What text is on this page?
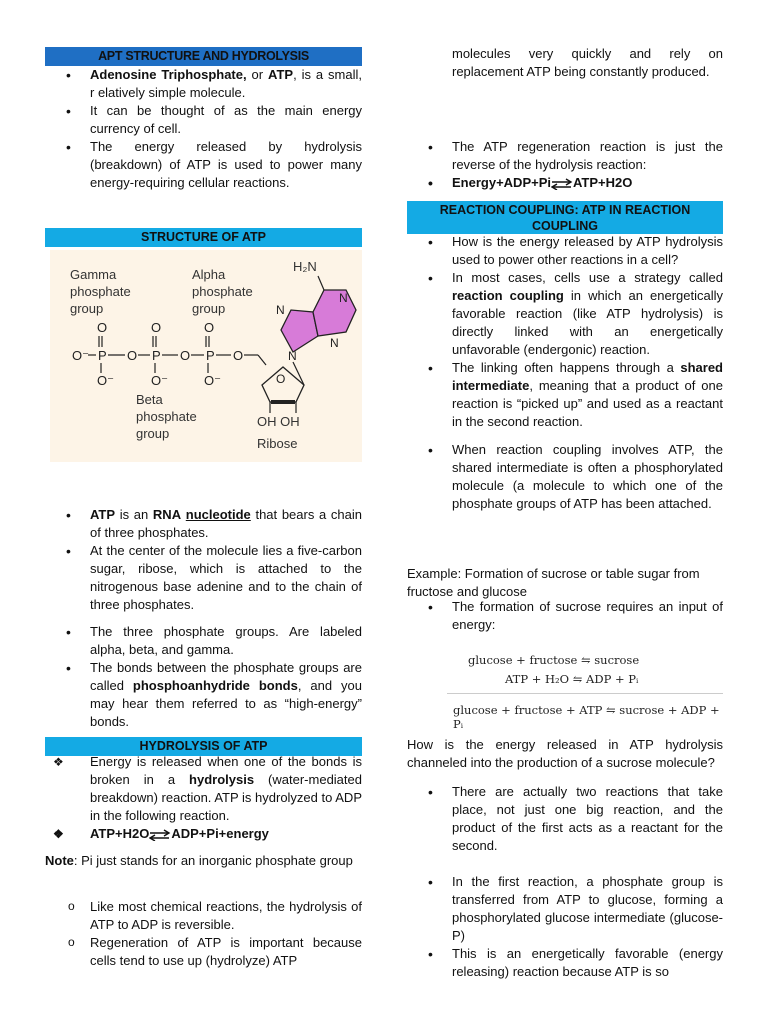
APT STRUCTURE AND HYDROLYSIS
• Adenosine Triphosphate, or ATP, is a small, r elatively simple molecule.
• It can be thought of as the main energy currency of cell.
• The energy released by hydrolysis (breakdown) of ATP is used to power many energy-requiring cellular reactions.
STRUCTURE OF ATP
Gamma phosphate group
Alpha phosphate group
Beta phosphate group
OH OH
Ribose
H₂N
O	O	O
O⁻ P	P	P
O	O	O
O⁻	O⁻	O⁻	O
N
N
N
N
• ATP is an RNA nucleotide that bears a chain of three phosphates.
• At the center of the molecule lies a five-carbon sugar, ribose, which is attached to the nitrogenous base adenine and to the chain of three phosphates.
• The three phosphate groups. Are labeled alpha, beta, and gamma.
• The bonds between the phosphate groups are called phosphoanhydride bonds, and you may hear them referred to as “high-energy” bonds.
HYDROLYSIS OF ATP
❖ Energy is released when one of the bonds is broken in a hydrolysis (water-mediated breakdown) reaction. ATP is hydrolyzed to ADP in the following reaction.
❖ ATP+H2O⇌ADP+Pi+energy

Note: Pi just stands for an inorganic phosphate group

o Like most chemical reactions, the hydrolysis of ATP to ADP is reversible.
o Regeneration of ATP is important because cells tend to use up (hydrolyze) ATP

molecules very quickly and rely on replacement ATP being constantly produced.

• The ATP regeneration reaction is just the reverse of the hydrolysis reaction:
• Energy+ADP+Pi⇌ATP+H2O
REACTION COUPLING: ATP IN REACTION COUPLING
• How is the energy released by ATP hydrolysis used to power other reactions in a cell?
• In most cases, cells use a strategy called reaction coupling in which an energetically favorable reaction (like ATP hydrolysis) is directly linked with an energetically unfavorable (endergonic) reaction.
• The linking often happens through a shared intermediate, meaning that a product of one reaction is “picked up” and used as a reactant in the second reaction.
• When reaction coupling involves ATP, the shared intermediate is often a phosphorylated molecule (a molecule to which one of the phosphate groups of ATP has been attached.

Example: Formation of sucrose or table sugar from fructose and glucose

• The formation of sucrose requires an input of energy:
glucose + fructose ⇋ sucrose
ATP + H₂O ⇋ ADP + Pᵢ
glucose + fructose + ATP ⇋ sucrose + ADP + Pᵢ

How is the energy released in ATP hydrolysis channeled into the production of a sucrose molecule?

• There are actually two reactions that take place, not just one big reaction, and the product of the first acts as a reactant for the second.
• In the first reaction, a phosphate group is transferred from ATP to glucose, forming a phosphorylated glucose intermediate (glucose-P)
• This is an energetically favorable (energy releasing) reaction because ATP is so
